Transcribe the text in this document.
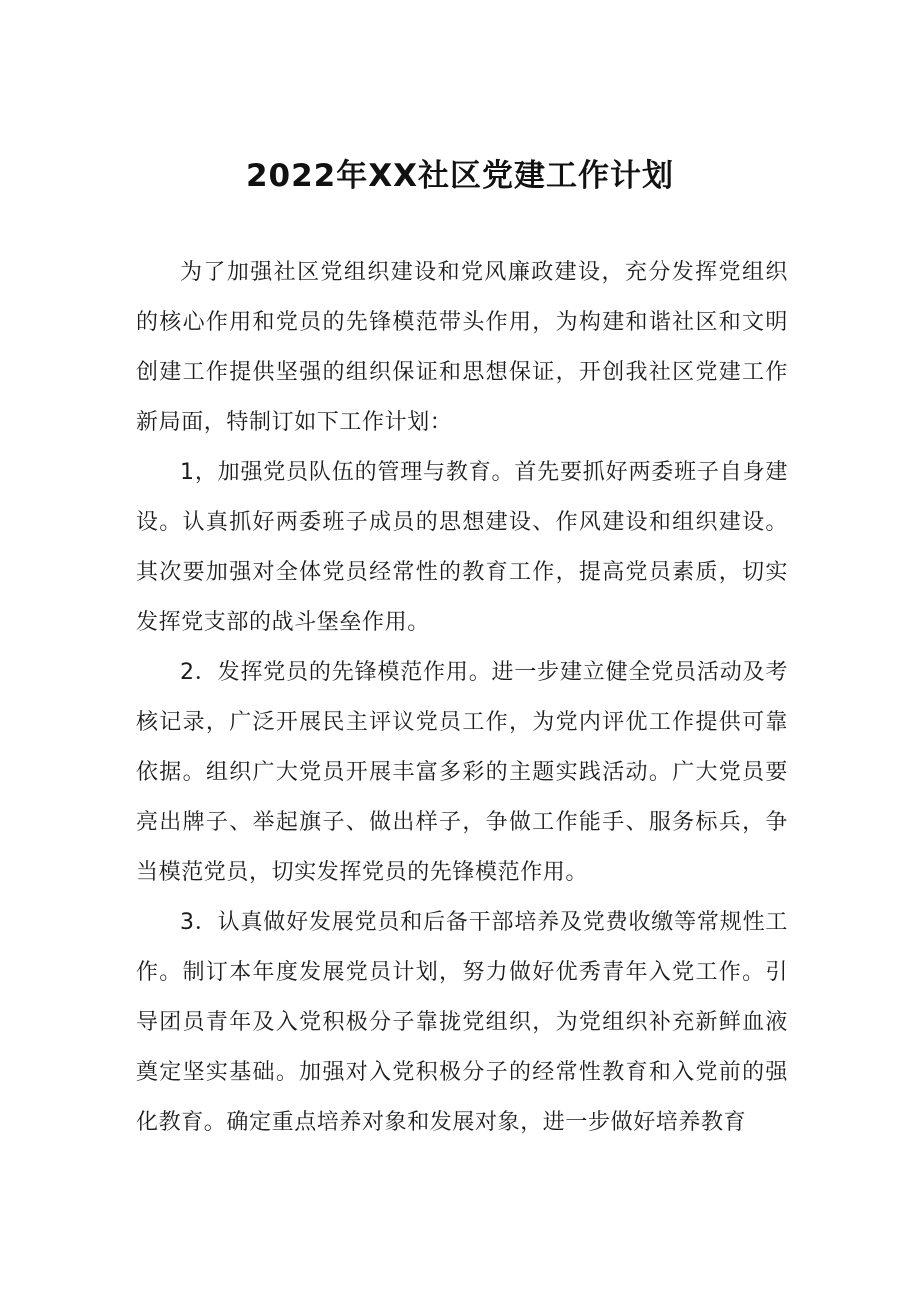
2022年XX社区党建工作计划

为了加强社区党组织建设和党风廉政建设，充分发挥党组织的核心作用和党员的先锋模范带头作用，为构建和谐社区和文明创建工作提供坚强的组织保证和思想保证，开创我社区党建工作新局面，特制订如下工作计划：

1，加强党员队伍的管理与教育。首先要抓好两委班子自身建设。认真抓好两委班子成员的思想建设、作风建设和组织建设。其次要加强对全体党员经常性的教育工作，提高党员素质，切实发挥党支部的战斗堡垒作用。

2．发挥党员的先锋模范作用。进一步建立健全党员活动及考核记录，广泛开展民主评议党员工作，为党内评优工作提供可靠依据。组织广大党员开展丰富多彩的主题实践活动。广大党员要亮出牌子、举起旗子、做出样子，争做工作能手、服务标兵，争当模范党员，切实发挥党员的先锋模范作用。

3．认真做好发展党员和后备干部培养及党费收缴等常规性工作。制订本年度发展党员计划，努力做好优秀青年入党工作。引导团员青年及入党积极分子靠拢党组织，为党组织补充新鲜血液奠定坚实基础。加强对入党积极分子的经常性教育和入党前的强化教育。确定重点培养对象和发展对象，进一步做好培养教育
